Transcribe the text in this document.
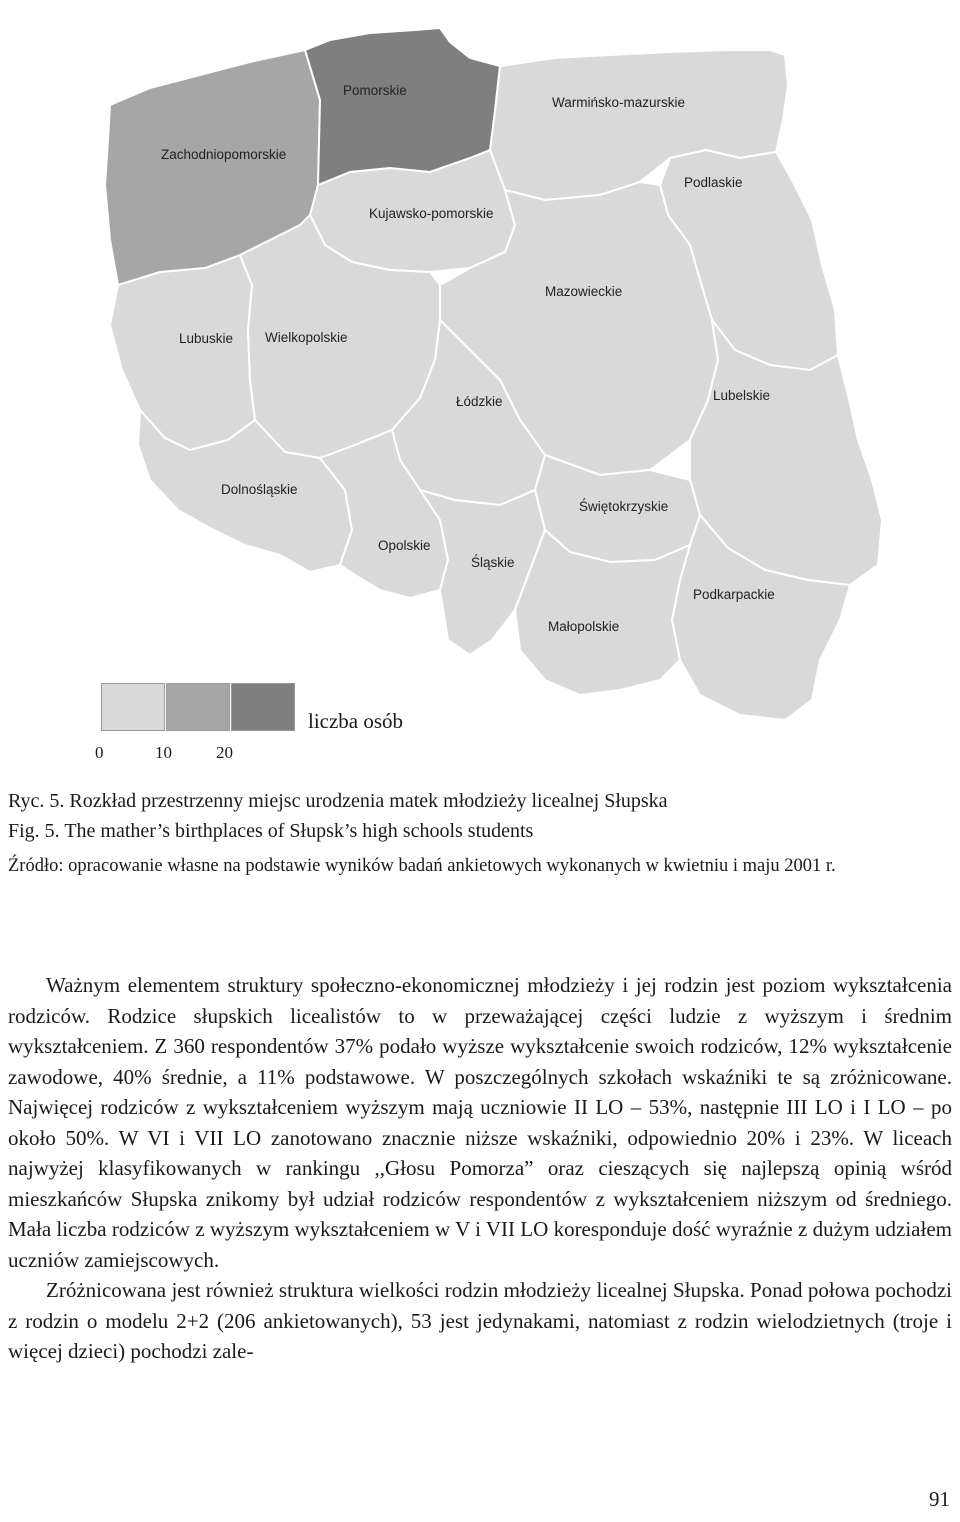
Pomorskie
Zachodniopomorskie
Warmińsko-mazurskie
Podlaskie
Kujawsko-pomorskie
Mazowieckie
Lubuskie Wielkopolskie
Łódzkie	Lubelskie
Dolnośląskie
Świętokrzyskie
Opolskie
Śląskie
Podkarpackie
Małopolskie
0	10	20
liczba osób
Ryc. 5. Rozkład przestrzenny miejsc urodzenia matek młodzieży licealnej Słupska
Fig. 5. The mather’s birthplaces of Słupsk’s high schools students
Źródło: opracowanie własne na podstawie wyników badań ankietowych wykonanych w kwietniu i maju 2001 r.

Ważnym elementem struktury społeczno-ekonomicznej młodzieży i jej rodzin jest poziom wykształcenia rodziców. Rodzice słupskich licealistów to w przeważającej części ludzie z wyższym i średnim wykształceniem. Z 360 respondentów 37% podało wyższe wykształcenie swoich rodziców, 12% wykształcenie zawodowe, 40% średnie, a 11% podstawowe. W poszczególnych szkołach wskaźniki te są zróżnicowane. Najwięcej rodziców z wykształceniem wyższym mają uczniowie II LO – 53%, następnie III LO i I LO – po około 50%. W VI i VII LO zanotowano znacznie niższe wskaźniki, odpowiednio 20% i 23%. W liceach najwyżej klasyfikowanych w rankingu ,,Głosu Pomorza” oraz cieszących się najlepszą opinią wśród mieszkańców Słupska znikomy był udział rodziców respondentów z wykształceniem niższym od średniego. Mała liczba rodziców z wyższym wykształceniem w V i VII LO koresponduje dość wyraźnie z dużym udziałem uczniów zamiejscowych.

Zróżnicowana jest również struktura wielkości rodzin młodzieży licealnej Słupska. Ponad połowa pochodzi z rodzin o modelu 2+2 (206 ankietowanych), 53 jest jedynakami, natomiast z rodzin wielodzietnych (troje i więcej dzieci) pochodzi zale-

91
